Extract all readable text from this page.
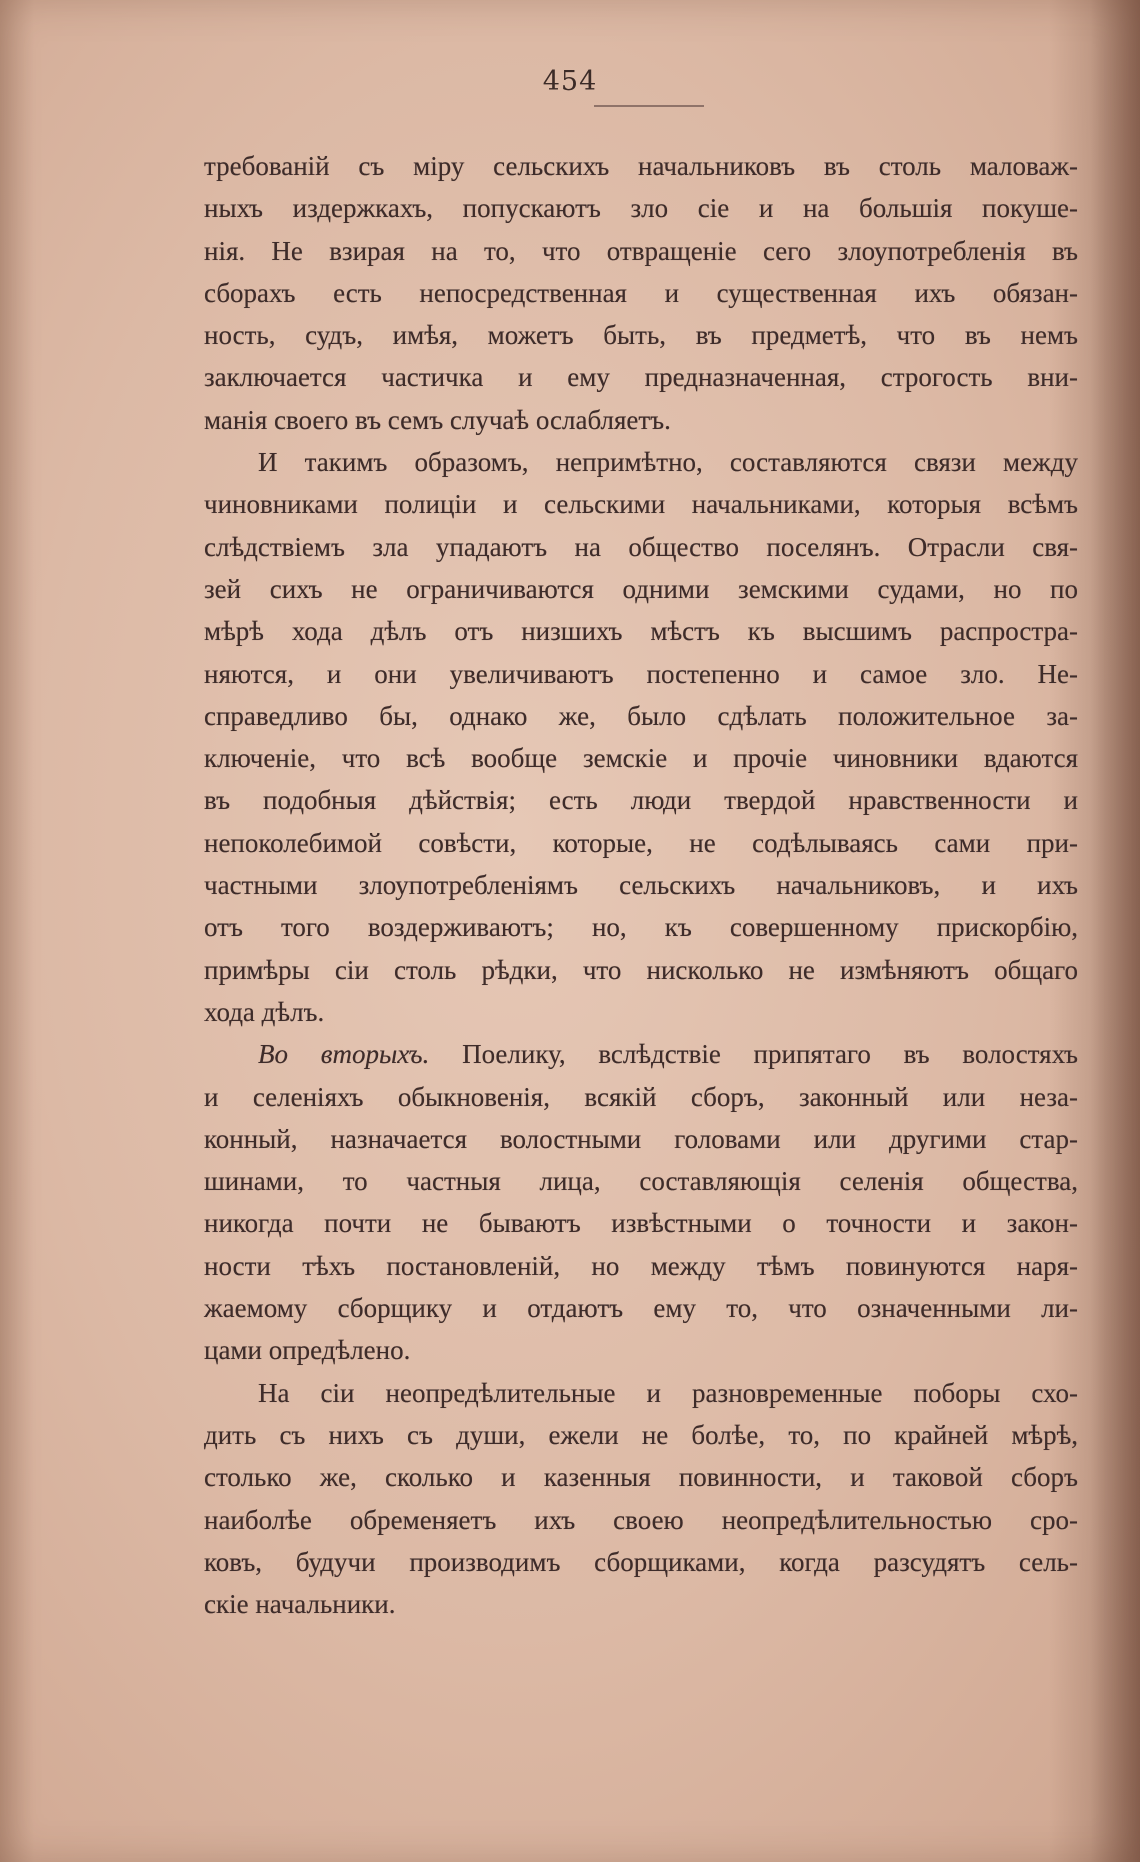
454
требованій съ міру сельскихъ начальниковъ въ столь маловаж-
ныхъ издержкахъ, попускаютъ зло сіе и на большія покуше-
нія. Не взирая на то, что отвращеніе сего злоупотребленія въ
сборахъ есть непосредственная и существенная ихъ обязан-
ность, судъ, имѣя, можетъ быть, въ предметѣ, что въ немъ
заключается частичка и ему предназначенная, строгость вни-
манія своего въ семъ случаѣ ослабляетъ.
И такимъ образомъ, непримѣтно, составляются связи между
чиновниками полиціи и сельскими начальниками, которыя всѣмъ
слѣдствіемъ зла упадаютъ на общество поселянъ. Отрасли свя-
зей сихъ не ограничиваются одними земскими судами, но по
мѣрѣ хода дѣлъ отъ низшихъ мѣстъ къ высшимъ распростра-
няются, и они увеличиваютъ постепенно и самое зло. Не-
справедливо бы, однако же, было сдѣлать положительное за-
ключеніе, что всѣ вообще земскіе и прочіе чиновники вдаются
въ подобныя дѣйствія; есть люди твердой нравственности и
непоколебимой совѣсти, которые, не содѣлываясь сами при-
частными злоупотребленіямъ сельскихъ начальниковъ, и ихъ
отъ того воздерживаютъ; но, къ совершенному прискорбію,
примѣры сіи столь рѣдки, что нисколько не измѣняютъ общаго
хода дѣлъ.
Во вторыхъ. Поелику, вслѣдствіе припятаго въ волостяхъ
и селеніяхъ обыкновенія, всякій сборъ, законный или неза-
конный, назначается волостными головами или другими стар-
шинами, то частныя лица, составляющія селенія общества,
никогда почти не бываютъ извѣстными о точности и закон-
ности тѣхъ постановленій, но между тѣмъ повинуются наря-
жаемому сборщику и отдаютъ ему то, что означенными ли-
цами опредѣлено.
На сіи неопредѣлительные и разновременные поборы схо-
дить съ нихъ съ души, ежели не болѣе, то, по крайней мѣрѣ,
столько же, сколько и казенныя повинности, и таковой сборъ
наиболѣе обременяетъ ихъ своею неопредѣлительностью сро-
ковъ, будучи производимъ сборщиками, когда разсудятъ сель-
скіе начальники.
